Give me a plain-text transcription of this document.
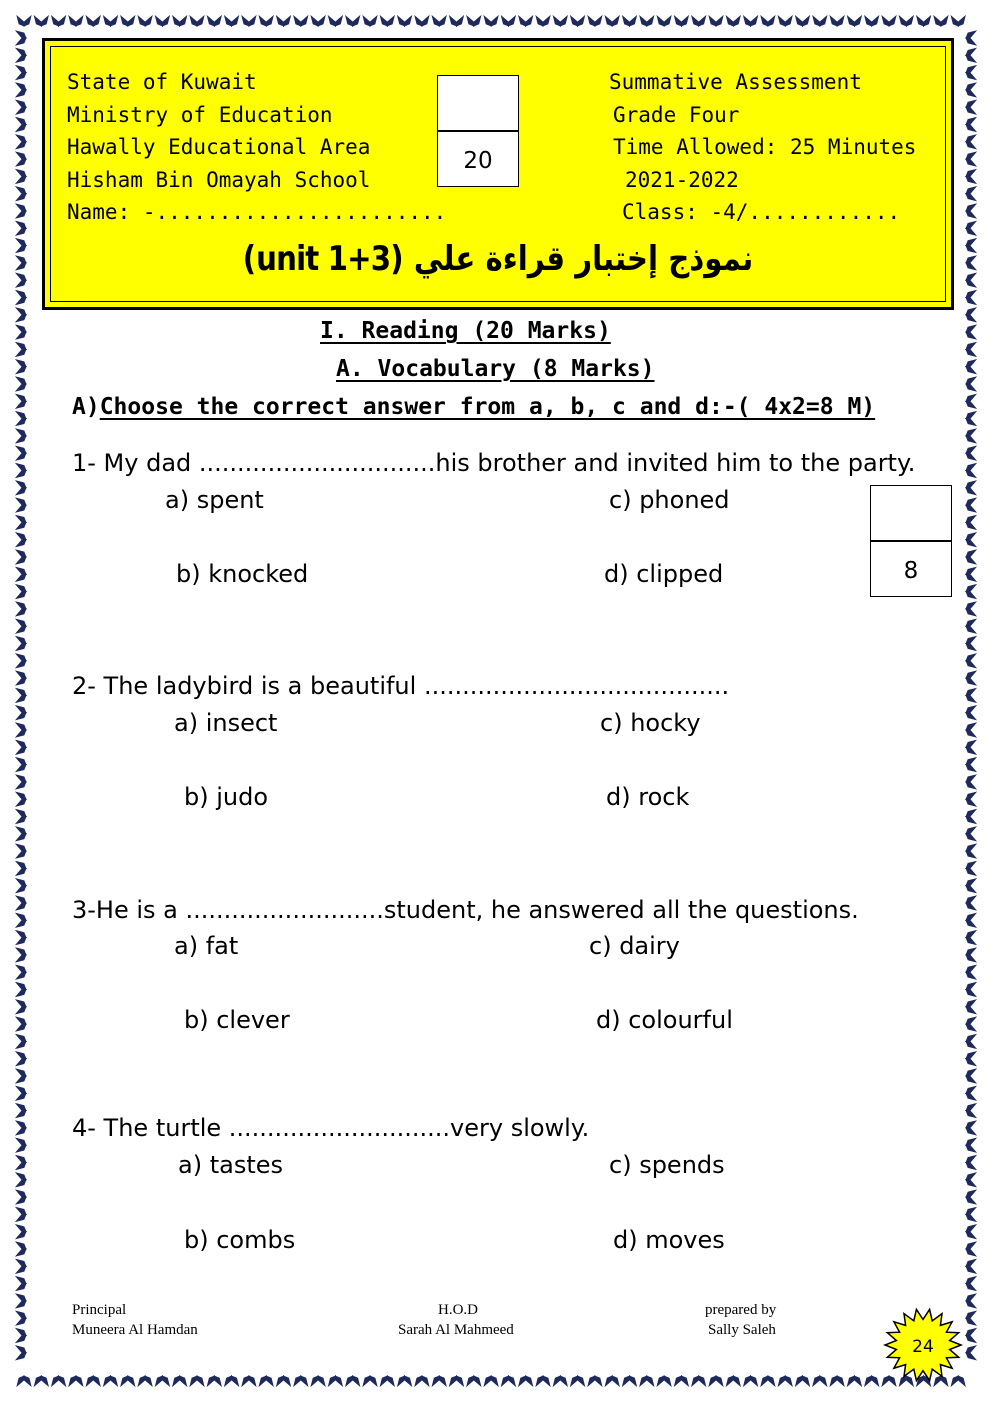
State of Kuwait
Ministry of Education
Hawally Educational Area
Hisham Bin Omayah School
Name: -.......................
Summative Assessment
Grade Four
Time Allowed: 25 Minutes
2021-2022
Class: -4/............
20
نموذج إختبار قراءة علي (unit 1+3)
I. Reading (20 Marks)
A. Vocabulary (8 Marks)
A)Choose the correct answer from a, b, c and d:-( 4x2=8 M)
8
1- My dad ...............................his brother and invited him to the party.
a) spent	c) phoned
b) knocked	d) clipped
2- The ladybird is a beautiful ........................................
a) insect	c) hocky
b) judo	d) rock
3-He is a ..........................student, he answered all the questions.
a) fat	c) dairy
b) clever	d) colourful
4- The turtle .............................very slowly.
a) tastes	c) spends
b) combs	d) moves
Principal
Muneera Al Hamdan
H.O.D
Sarah Al Mahmeed
prepared by
Sally Saleh
24
